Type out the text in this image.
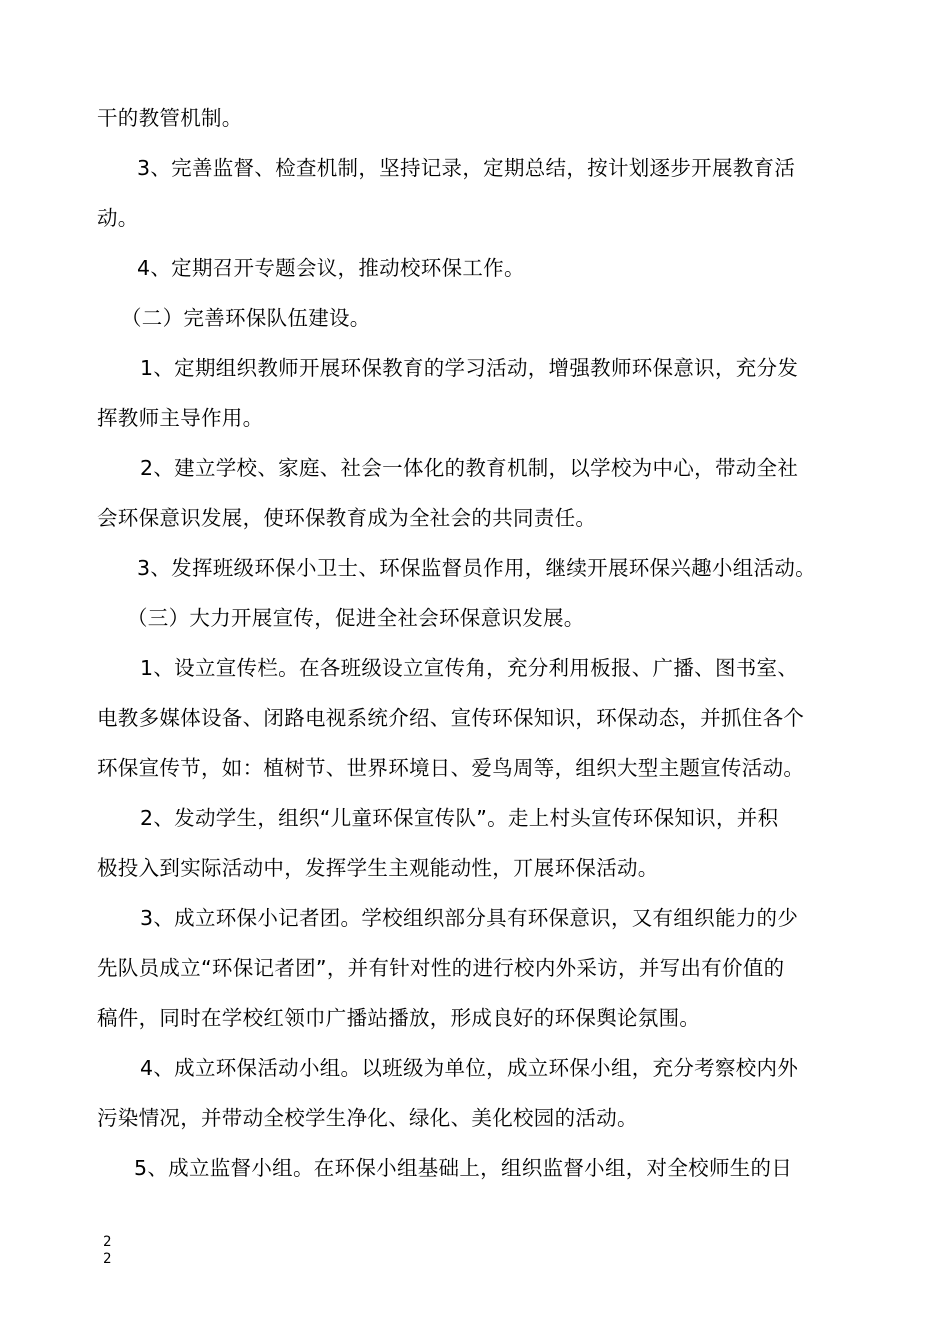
干的教管机制。
3、完善监督、检查机制，坚持记录，定期总结，按计划逐步开展教育活
动。
4、定期召开专题会议，推动校环保工作。
（二）完善环保队伍建设。
1、定期组织教师开展环保教育的学习活动，增强教师环保意识，充分发
挥教师主导作用。
2、建立学校、家庭、社会一体化的教育机制，以学校为中心，带动全社
会环保意识发展，使环保教育成为全社会的共同责任。
3、发挥班级环保小卫士、环保监督员作用，继续开展环保兴趣小组活动。
（三）大力开展宣传，促进全社会环保意识发展。
1、设立宣传栏。在各班级设立宣传角，充分利用板报、广播、图书室、
电教多媒体设备、闭路电视系统介绍、宣传环保知识，环保动态，并抓住各个
环保宣传节，如：植树节、世界环境日、爱鸟周等，组织大型主题宣传活动。
2、发动学生，组织“儿童环保宣传队”。走上村头宣传环保知识，并积
极投入到实际活动中，发挥学生主观能动性，丌展环保活动。
3、成立环保小记者团。学校组织部分具有环保意识，又有组织能力的少
先队员成立“环保记者团”，并有针对性的进行校内外采访，并写出有价值的
稿件，同时在学校红领巾广播站播放，形成良好的环保舆论氛围。
4、成立环保活动小组。以班级为单位，成立环保小组，充分考察校内外
污染情况，并带动全校学生净化、绿化、美化校园的活动。
5、成立监督小组。在环保小组基础上，组织监督小组，对全校师生的日
2
2
